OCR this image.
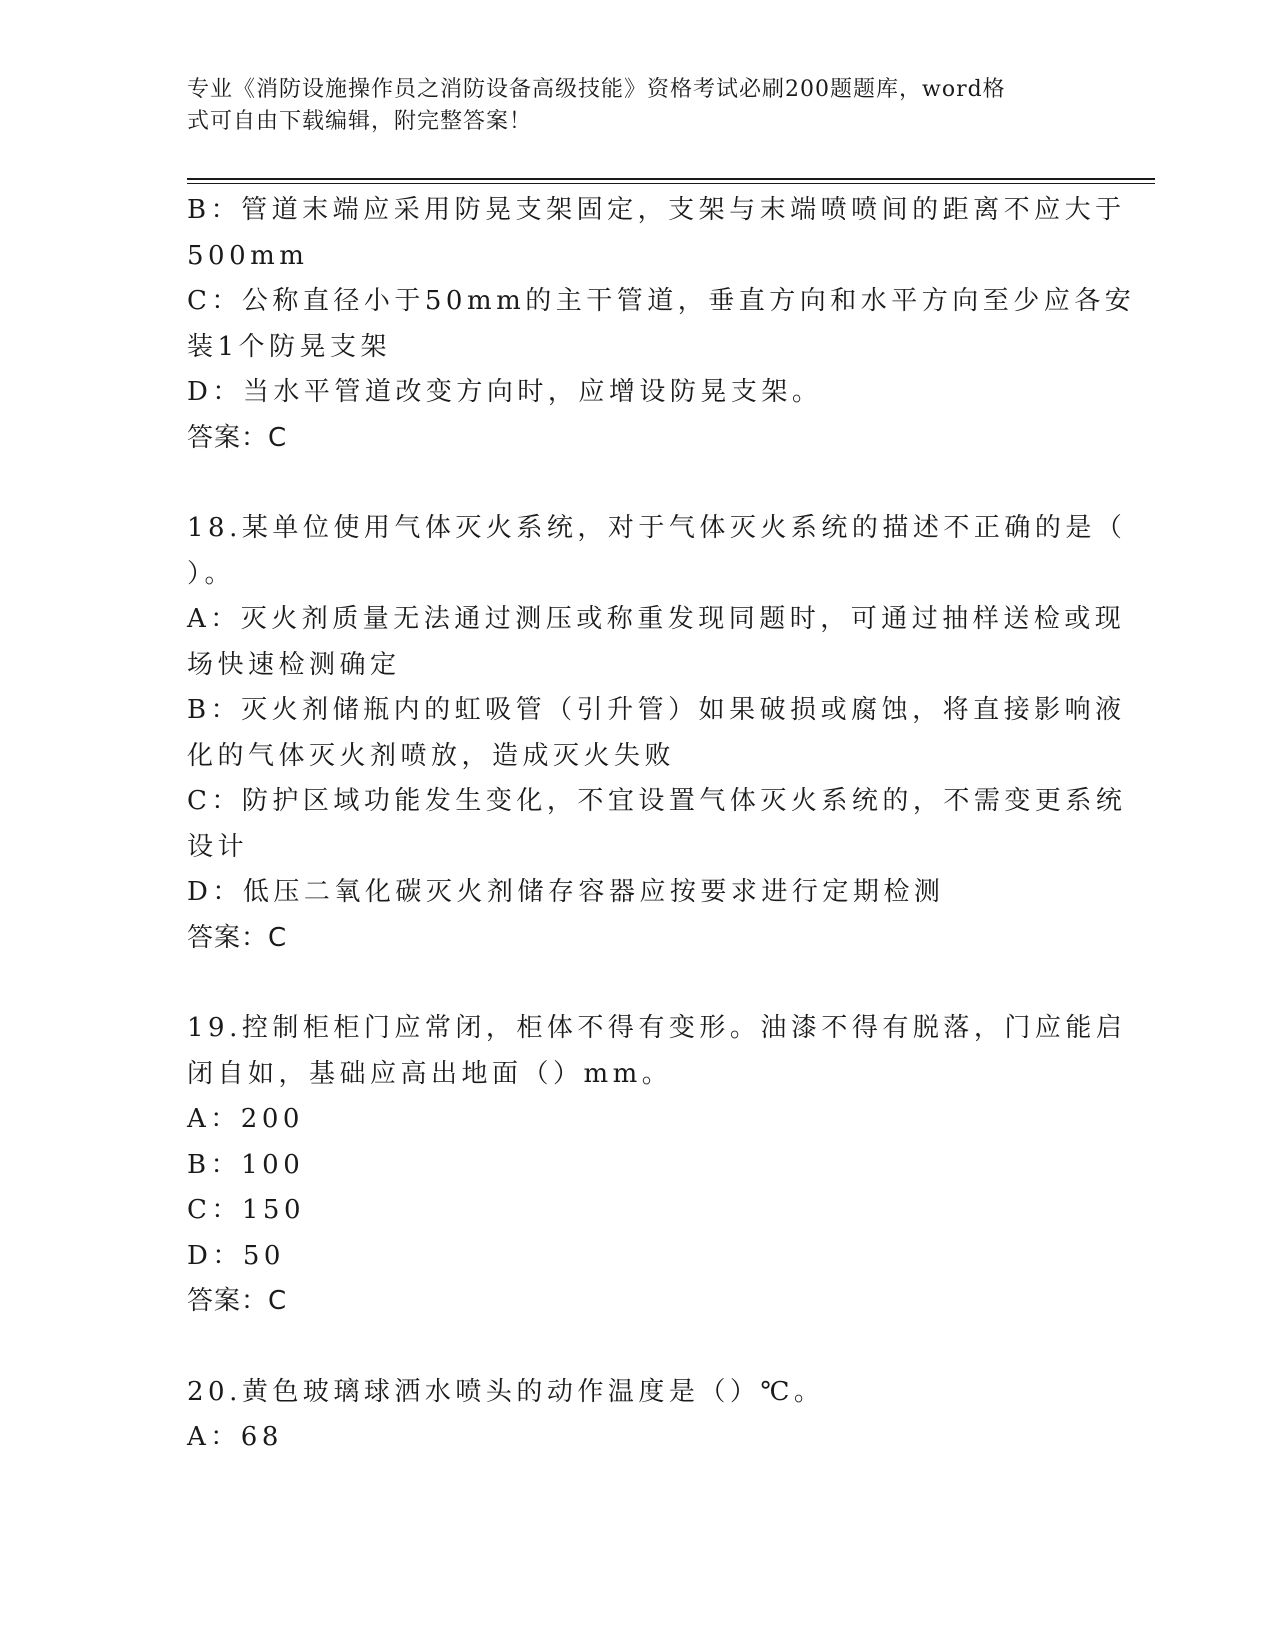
专业《消防设施操作员之消防设备高级技能》资格考试必刷200题题库，word格
式可自由下载编辑，附完整答案！
B：管道末端应采用防晃支架固定，支架与末端喷喷间的距离不应大于
500mm
C：公称直径小于50mm的主干管道，垂直方向和水平方向至少应各安
装1个防晃支架
D：当水平管道改变方向时，应增设防晃支架。
答案：C
18.某单位使用气体灭火系统，对于气体灭火系统的描述不正确的是（
）。
A：灭火剂质量无法通过测压或称重发现同题时，可通过抽样送检或现
场快速检测确定
B：灭火剂储瓶内的虹吸管（引升管）如果破损或腐蚀，将直接影响液
化的气体灭火剂喷放，造成灭火失败
C：防护区域功能发生变化，不宜设置气体灭火系统的，不需变更系统
设计
D：低压二氧化碳灭火剂储存容器应按要求进行定期检测
答案：C
19.控制柜柜门应常闭，柜体不得有变形。油漆不得有脱落，门应能启
闭自如，基础应高出地面（）mm。
A：200
B：100
C：150
D：50
答案：C
20.黄色玻璃球洒水喷头的动作温度是（）℃。
A：68
